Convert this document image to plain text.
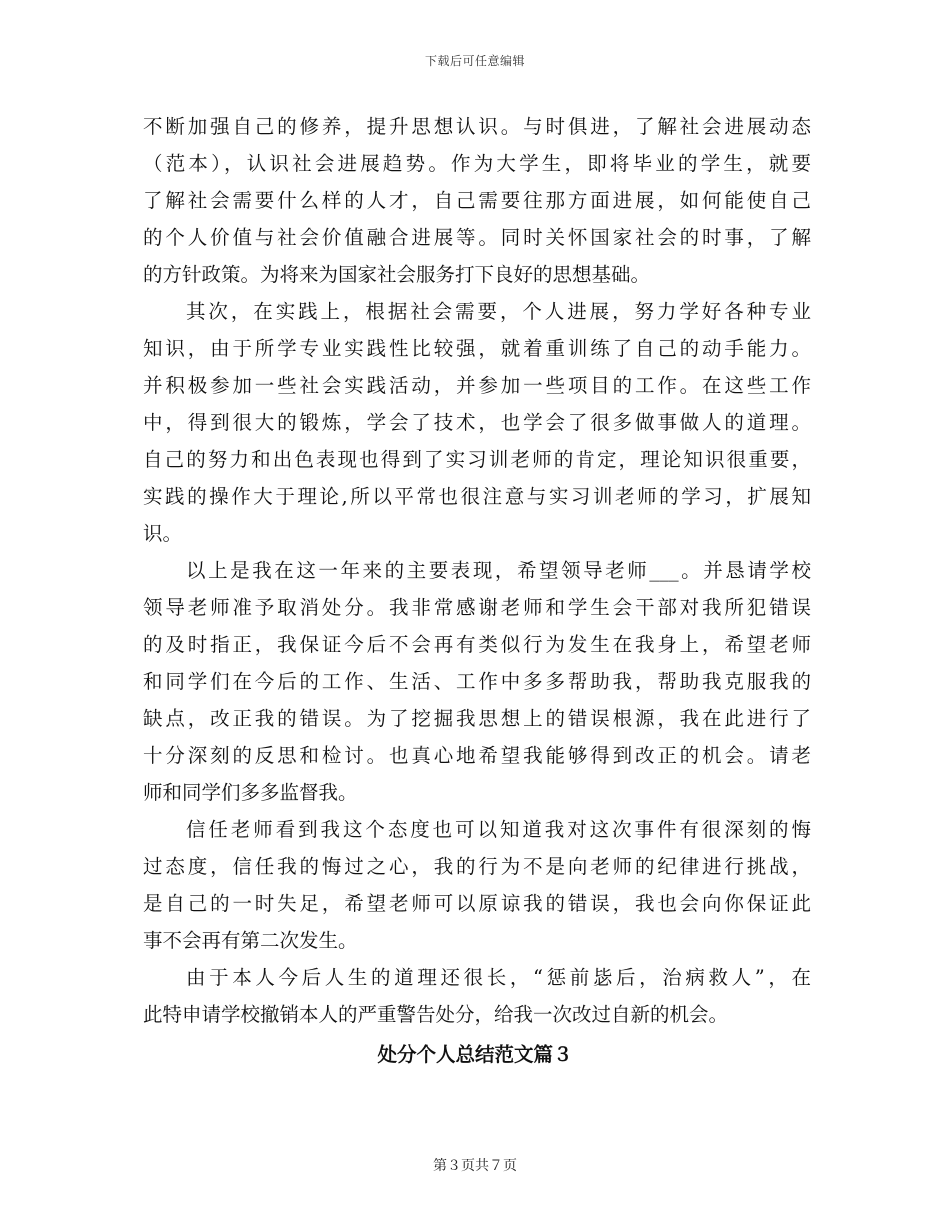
下载后可任意编辑
不断加强自己的修养，提升思想认识。与时俱进，了解社会进展动态
（范本），认识社会进展趋势。作为大学生，即将毕业的学生，就要
了解社会需要什么样的人才，自己需要往那方面进展，如何能使自己
的个人价值与社会价值融合进展等。同时关怀国家社会的时事，了解
的方针政策。为将来为国家社会服务打下良好的思想基础。
其次，在实践上，根据社会需要，个人进展，努力学好各种专业
知识，由于所学专业实践性比较强，就着重训练了自己的动手能力。
并积极参加一些社会实践活动，并参加一些项目的工作。在这些工作
中，得到很大的锻炼，学会了技术，也学会了很多做事做人的道理。
自己的努力和出色表现也得到了实习训老师的肯定，理论知识很重要，
实践的操作大于理论,所以平常也很注意与实习训老师的学习，扩展知
识。
以上是我在这一年来的主要表现，希望领导老师___。并恳请学校
领导老师准予取消处分。我非常感谢老师和学生会干部对我所犯错误
的及时指正，我保证今后不会再有类似行为发生在我身上，希望老师
和同学们在今后的工作、生活、工作中多多帮助我，帮助我克服我的
缺点，改正我的错误。为了挖掘我思想上的错误根源，我在此进行了
十分深刻的反思和检讨。也真心地希望我能够得到改正的机会。请老
师和同学们多多监督我。
信任老师看到我这个态度也可以知道我对这次事件有很深刻的悔
过态度，信任我的悔过之心，我的行为不是向老师的纪律进行挑战，
是自己的一时失足，希望老师可以原谅我的错误，我也会向你保证此
事不会再有第二次发生。
由于本人今后人生的道理还很长，“惩前毖后，治病救人”，在
此特申请学校撤销本人的严重警告处分，给我一次改过自新的机会。
处分个人总结范文篇３
第３页共７页
